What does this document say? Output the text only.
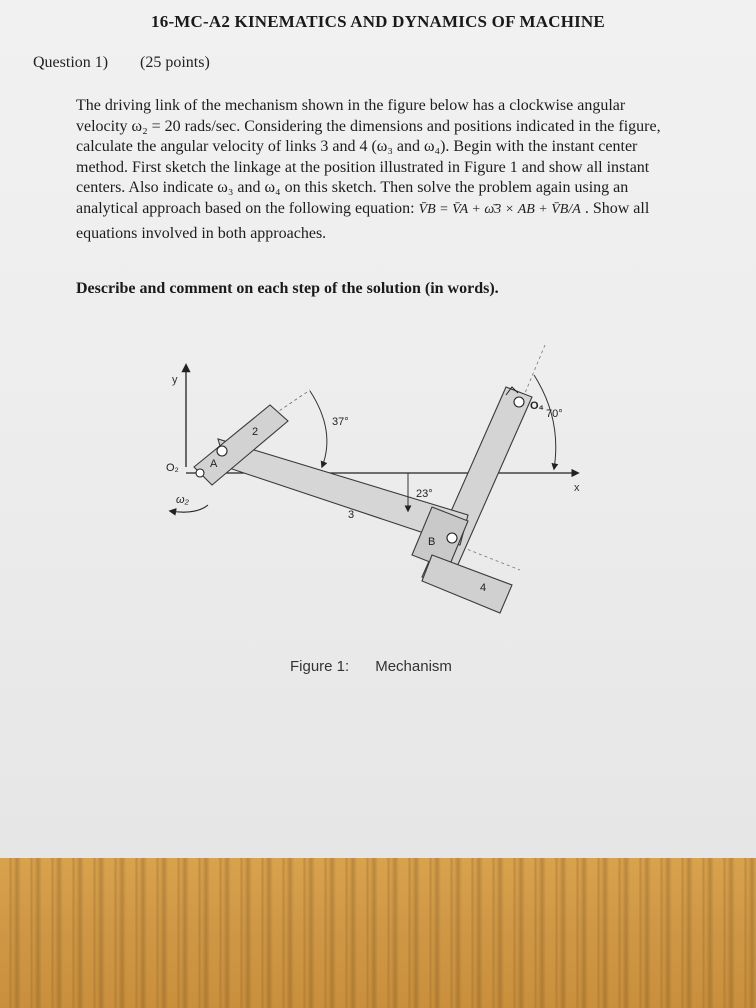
16-MC-A2 KINEMATICS AND DYNAMICS OF MACHINE
Question 1) (25 points)
The driving link of the mechanism shown in the figure below has a clockwise angular
velocity ω₂ = 20 rads/sec. Considering the dimensions and positions indicated in the figure,
calculate the angular velocity of links 3 and 4 (ω₃ and ω₄). Begin with the instant center
method. First sketch the linkage at the position illustrated in Figure 1 and show all instant
centers. Also indicate ω₃ and ω₄ on this sketch. Then solve the problem again using an
analytical approach based on the following equation: V̄B = V̄A + ω̄3 × AB + V̄B/A . Show all
equations involved in both approaches.
Describe and comment on each step of the solution (in words).
y
x
O₂
ω₂
A
2
3
4
B
O₄
37°
23°
70°
Figure 1: Mechanism
